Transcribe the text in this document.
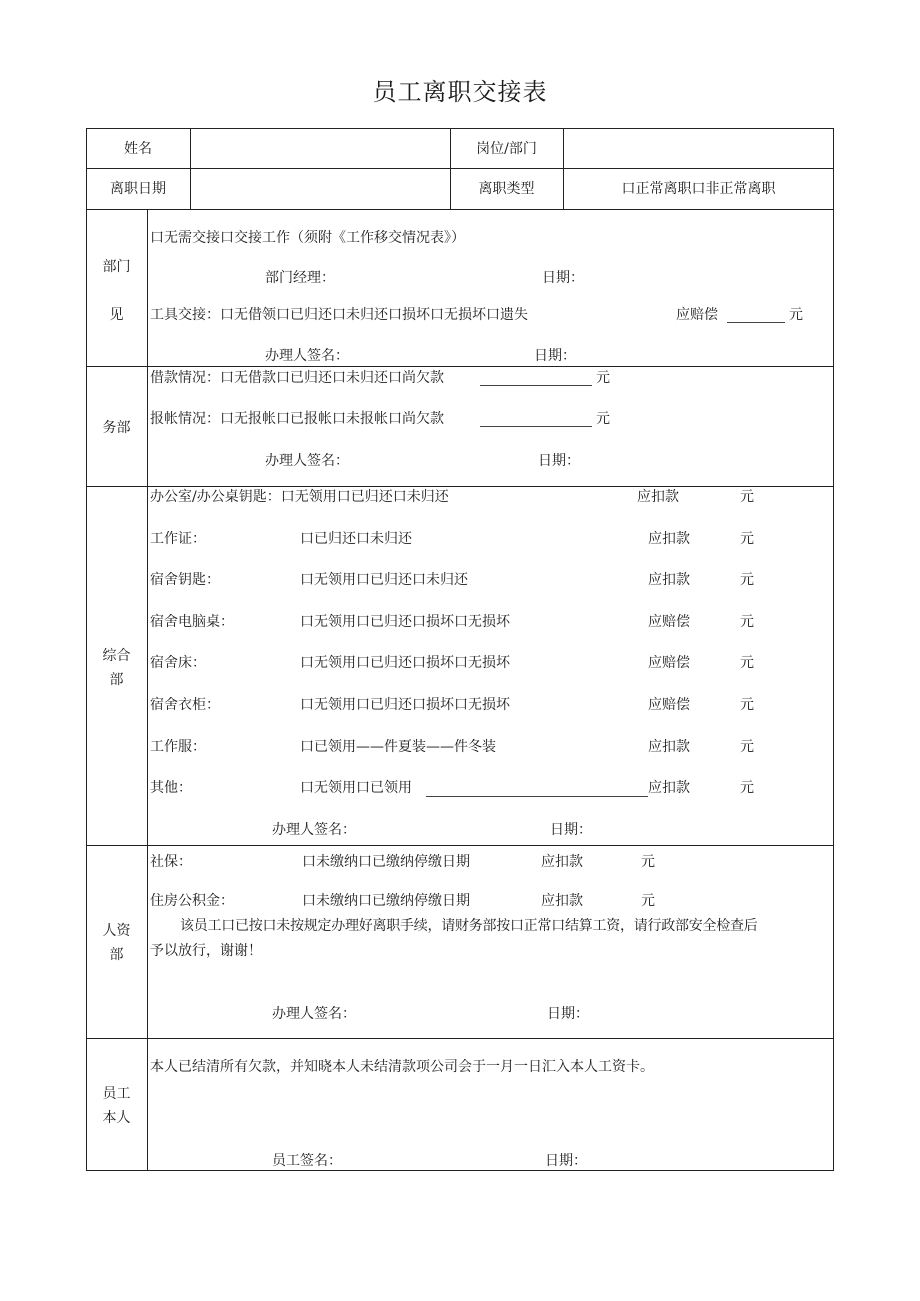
员工离职交接表
姓名	岗位/部门
离职日期	离职类型	口正常离职口非正常离职
部门
见
口无需交接口交接工作（须附《工作移交情况表》）
部门经理：	日期：
工具交接：口无借领口已归还口未归还口损坏口无损坏口遗失	应赔偿	元
办理人签名：	日期：
务部
借款情况：口无借款口已归还口未归还口尚欠款	元
报帐情况：口无报帐口已报帐口未报帐口尚欠款	元
办理人签名：	日期：
综合
部
办公室/办公桌钥匙：口无领用口已归还口未归还	应扣款	元
工作证：	口已归还口未归还	应扣款	元
宿舍钥匙：	口无领用口已归还口未归还	应扣款	元
宿舍电脑桌：	口无领用口已归还口损坏口无损坏	应赔偿	元
宿舍床：	口无领用口已归还口损坏口无损坏	应赔偿	元
宿舍衣柜：	口无领用口已归还口损坏口无损坏	应赔偿	元
工作服：	口已领用——件夏装——件冬装	应扣款	元
其他：	口无领用口已领用	应扣款	元
办理人签名：	日期：
人资
部
社保：	口未缴纳口已缴纳停缴日期	应扣款	元
住房公积金：	口未缴纳口已缴纳停缴日期	应扣款	元
该员工口已按口未按规定办理好离职手续，请财务部按口正常口结算工资，请行政部安全检查后
予以放行，谢谢！
办理人签名：	日期：
员工
本人
本人已结清所有欠款，并知晓本人未结清款项公司会于一月一日汇入本人工资卡。
员工签名：	日期：
